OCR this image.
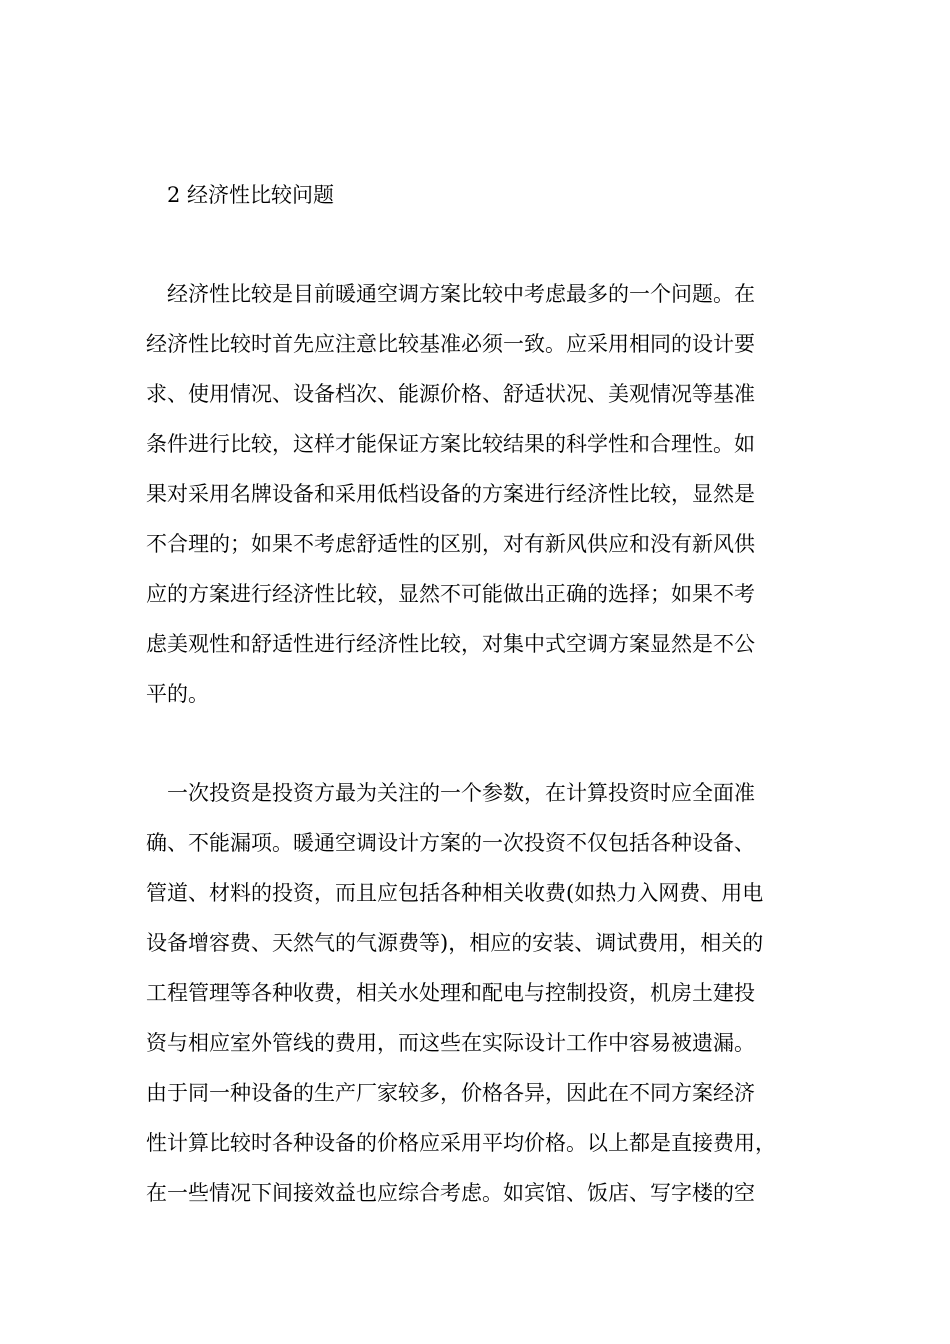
2 经济性比较问题
经济性比较是目前暖通空调方案比较中考虑最多的一个问题。在
经济性比较时首先应注意比较基准必须一致。应采用相同的设计要
求、使用情况、设备档次、能源价格、舒适状况、美观情况等基准
条件进行比较，这样才能保证方案比较结果的科学性和合理性。如
果对采用名牌设备和采用低档设备的方案进行经济性比较，显然是
不合理的；如果不考虑舒适性的区别，对有新风供应和没有新风供
应的方案进行经济性比较，显然不可能做出正确的选择；如果不考
虑美观性和舒适性进行经济性比较，对集中式空调方案显然是不公
平的。
一次投资是投资方最为关注的一个参数，在计算投资时应全面准
确、不能漏项。暖通空调设计方案的一次投资不仅包括各种设备、
管道、材料的投资，而且应包括各种相关收费(如热力入网费、用电
设备增容费、天然气的气源费等)，相应的安装、调试费用，相关的
工程管理等各种收费，相关水处理和配电与控制投资，机房土建投
资与相应室外管线的费用，而这些在实际设计工作中容易被遗漏。
由于同一种设备的生产厂家较多，价格各异，因此在不同方案经济
性计算比较时各种设备的价格应采用平均价格。以上都是直接费用，
在一些情况下间接效益也应综合考虑。如宾馆、饭店、写字楼的空
